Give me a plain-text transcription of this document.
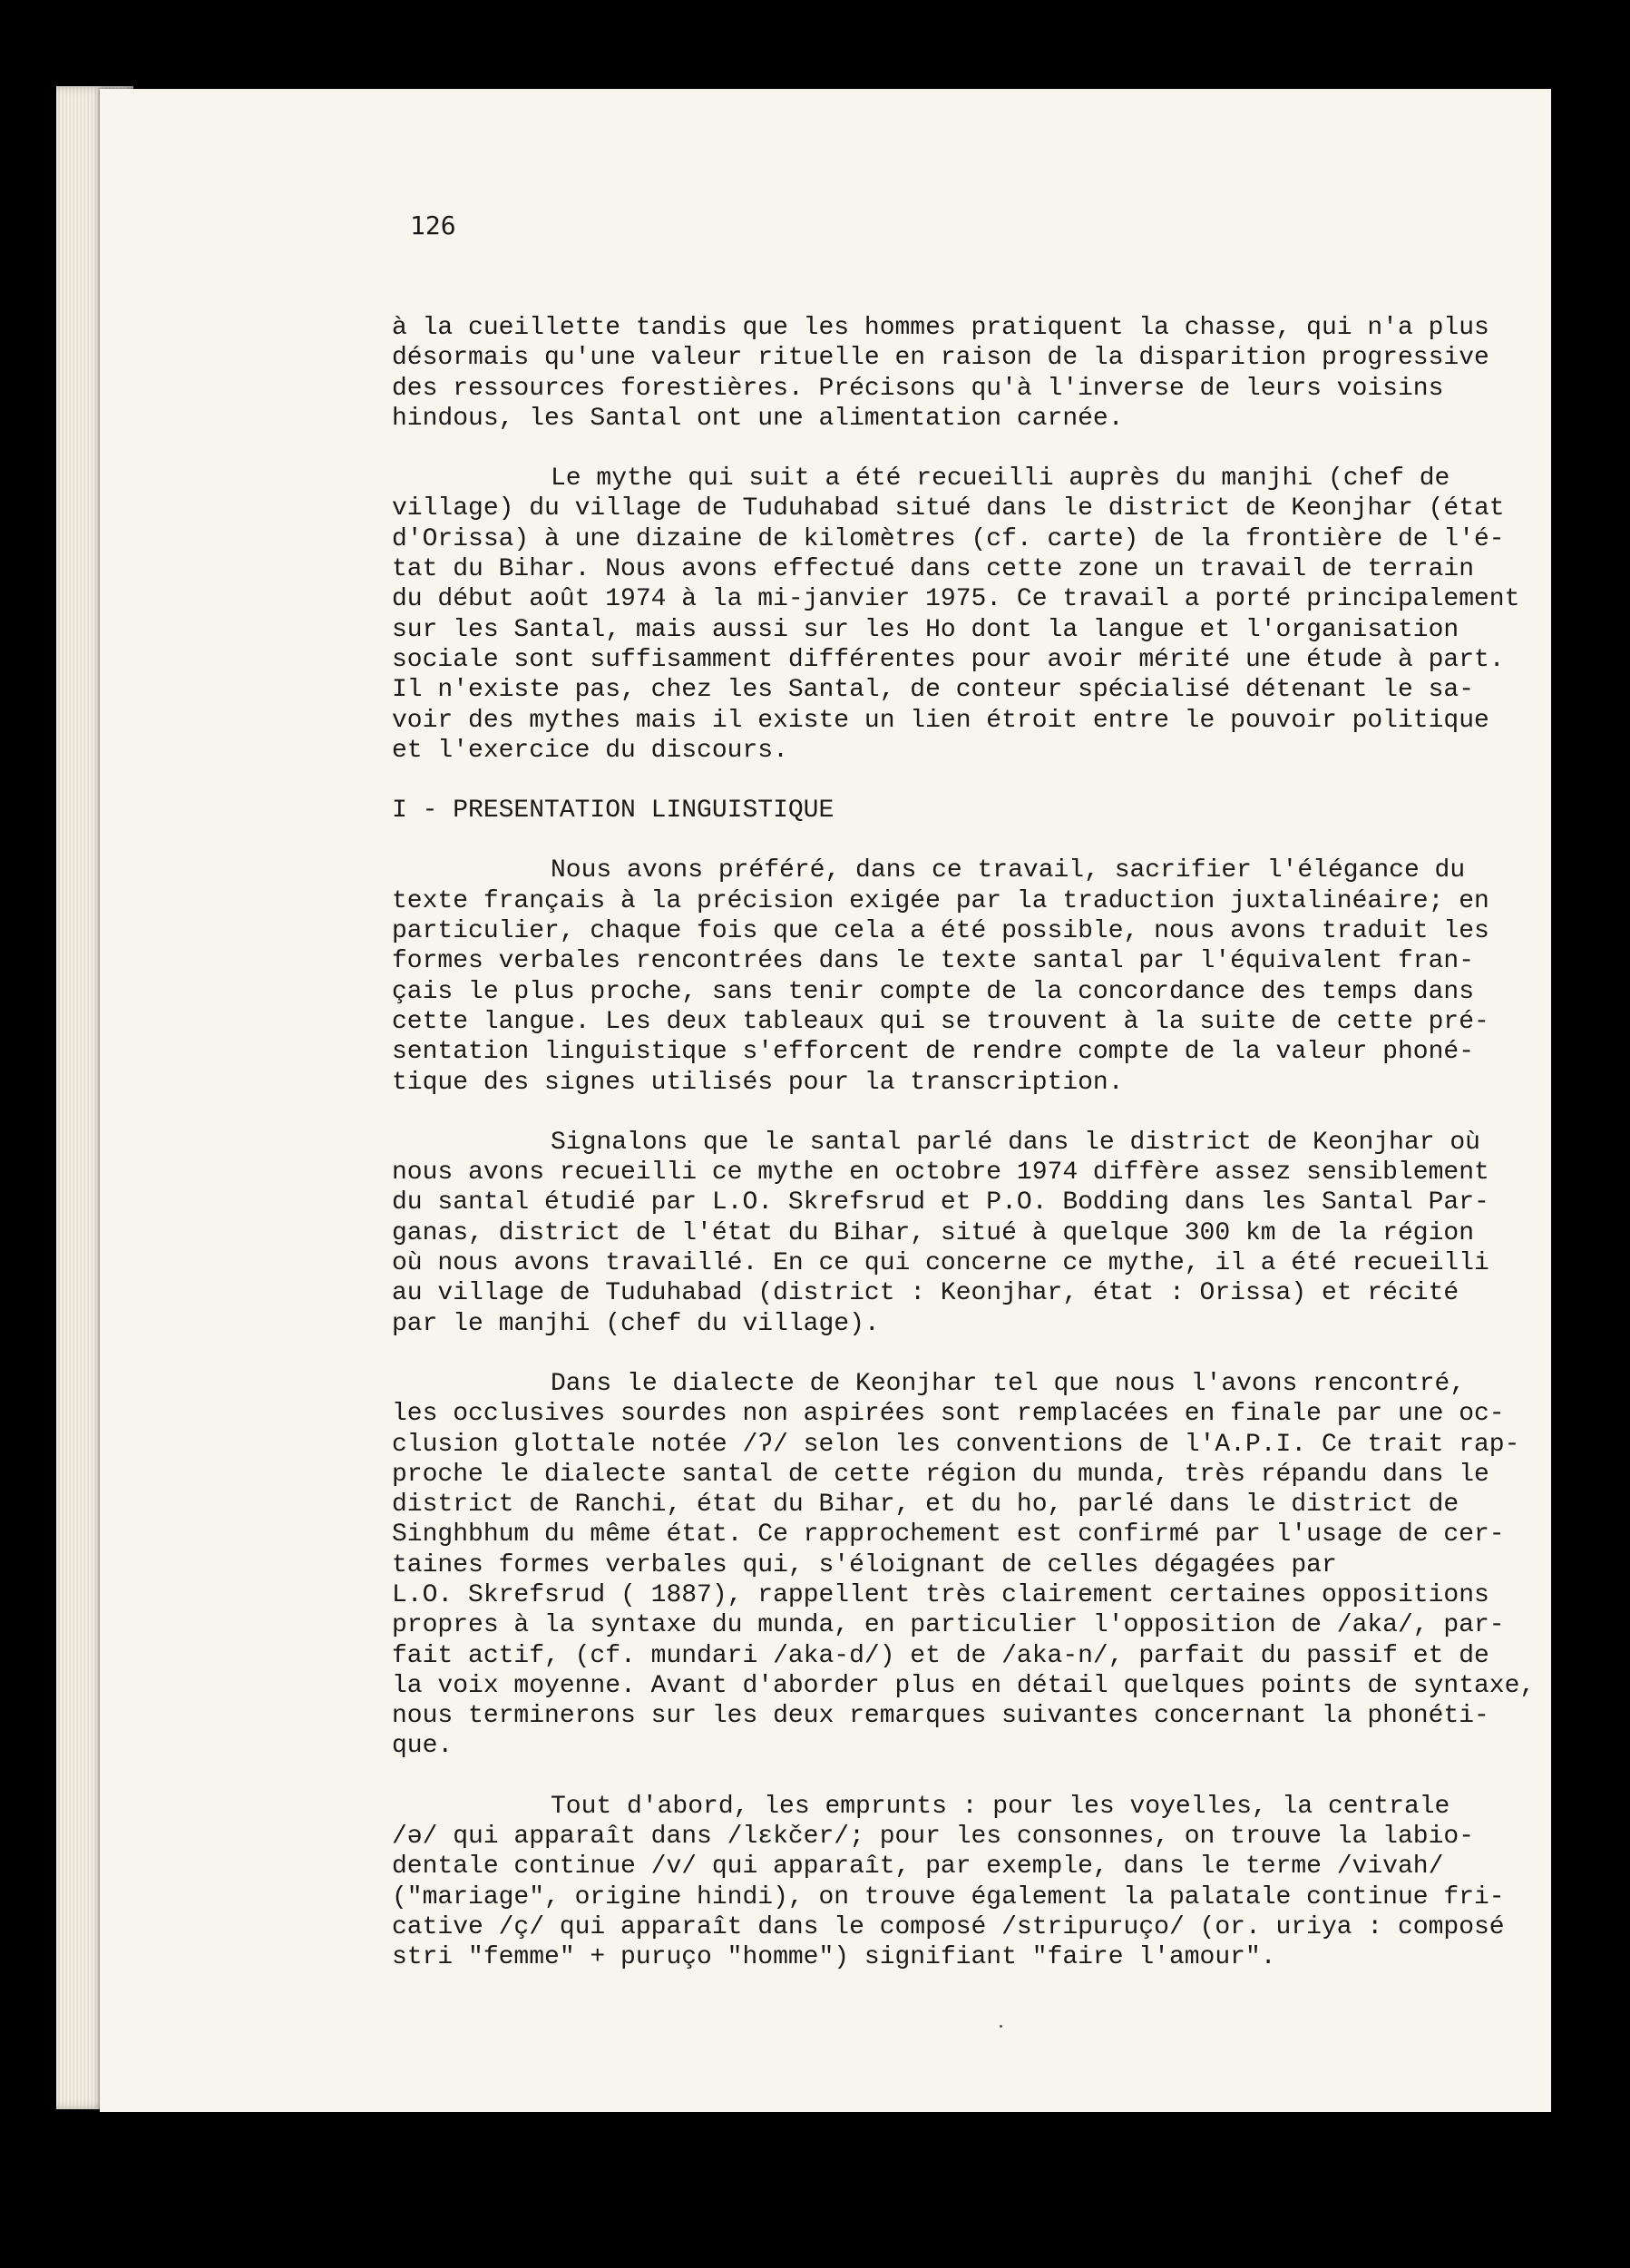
126

à la cueillette tandis que les hommes pratiquent la chasse, qui n'a plus
désormais qu'une valeur rituelle en raison de la disparition progressive
des ressources forestières. Précisons qu'à l'inverse de leurs voisins
hindous, les Santal ont une alimentation carnée.

Le mythe qui suit a été recueilli auprès du manjhi (chef de
village) du village de Tuduhabad situé dans le district de Keonjhar (état
d'Orissa) à une dizaine de kilomètres (cf. carte) de la frontière de l'é-
tat du Bihar. Nous avons effectué dans cette zone un travail de terrain
du début août 1974 à la mi-janvier 1975. Ce travail a porté principalement
sur les Santal, mais aussi sur les Ho dont la langue et l'organisation
sociale sont suffisamment différentes pour avoir mérité une étude à part.
Il n'existe pas, chez les Santal, de conteur spécialisé détenant le sa-
voir des mythes mais il existe un lien étroit entre le pouvoir politique
et l'exercice du discours.

I - PRESENTATION LINGUISTIQUE

Nous avons préféré, dans ce travail, sacrifier l'élégance du
texte français à la précision exigée par la traduction juxtalinéaire; en
particulier, chaque fois que cela a été possible, nous avons traduit les
formes verbales rencontrées dans le texte santal par l'équivalent fran-
çais le plus proche, sans tenir compte de la concordance des temps dans
cette langue. Les deux tableaux qui se trouvent à la suite de cette pré-
sentation linguistique s'efforcent de rendre compte de la valeur phoné-
tique des signes utilisés pour la transcription.

Signalons que le santal parlé dans le district de Keonjhar où
nous avons recueilli ce mythe en octobre 1974 diffère assez sensiblement
du santal étudié par L.O. Skrefsrud et P.O. Bodding dans les Santal Par-
ganas, district de l'état du Bihar, situé à quelque 300 km de la région
où nous avons travaillé. En ce qui concerne ce mythe, il a été recueilli
au village de Tuduhabad (district : Keonjhar, état : Orissa) et récité
par le manjhi (chef du village).

Dans le dialecte de Keonjhar tel que nous l'avons rencontré,
les occlusives sourdes non aspirées sont remplacées en finale par une oc-
clusion glottale notée /ʔ/ selon les conventions de l'A.P.I. Ce trait rap-
proche le dialecte santal de cette région du munda, très répandu dans le
district de Ranchi, état du Bihar, et du ho, parlé dans le district de
Singhbhum du même état. Ce rapprochement est confirmé par l'usage de cer-
taines formes verbales qui, s'éloignant de celles dégagées par
L.O. Skrefsrud ( 1887), rappellent très clairement certaines oppositions
propres à la syntaxe du munda, en particulier l'opposition de /aka/, par-
fait actif, (cf. mundari /aka-d/) et de /aka-n/, parfait du passif et de
la voix moyenne. Avant d'aborder plus en détail quelques points de syntaxe,
nous terminerons sur les deux remarques suivantes concernant la phonéti-
que.

Tout d'abord, les emprunts : pour les voyelles, la centrale
/ə/ qui apparaît dans /lɛkčer/; pour les consonnes, on trouve la labio-
dentale continue /v/ qui apparaît, par exemple, dans le terme /vivah/
("mariage", origine hindi), on trouve également la palatale continue fri-
cative /ç/ qui apparaît dans le composé /stripuruço/ (or. uriya : composé
stri "femme" + puruço "homme") signifiant "faire l'amour".
